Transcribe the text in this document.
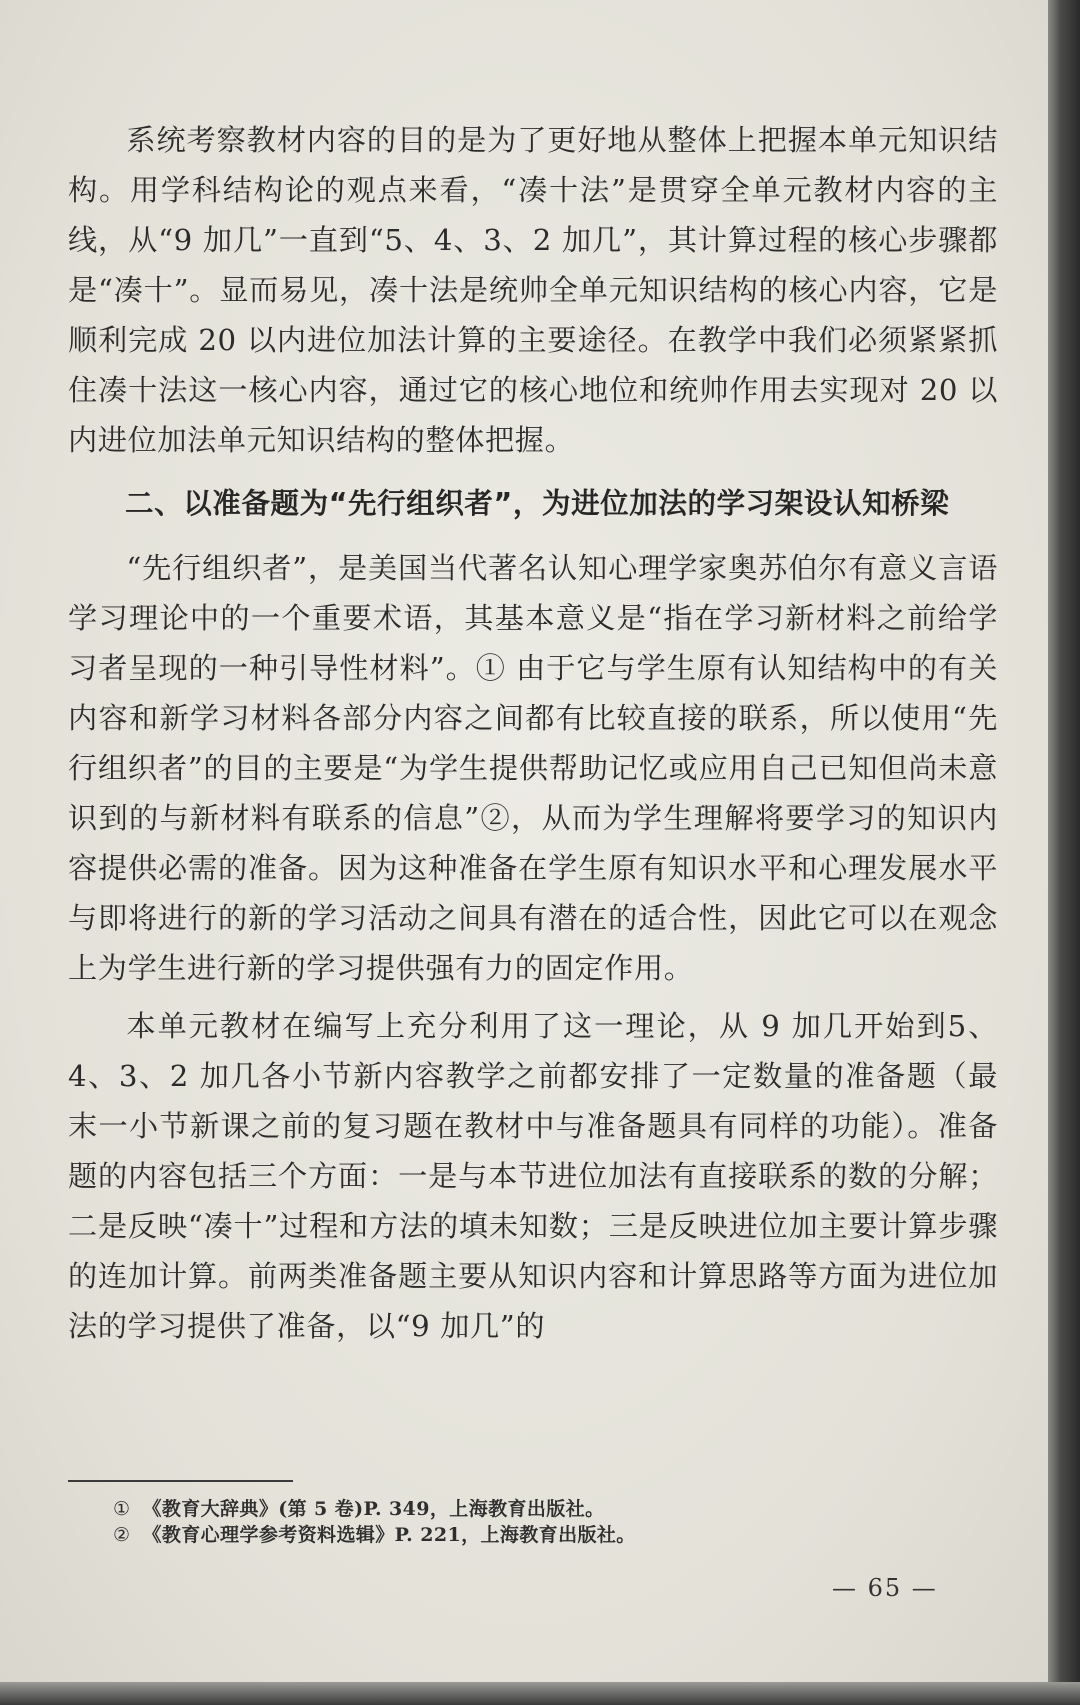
系统考察教材内容的目的是为了更好地从整体上把握本单元知识结构。用学科结构论的观点来看，“凑十法”是贯穿全单元教材内容的主线，从“9 加几”一直到“5、4、3、2 加几”，其计算过程的核心步骤都是“凑十”。显而易见，凑十法是统帅全单元知识结构的核心内容，它是顺利完成 20 以内进位加法计算的主要途径。在教学中我们必须紧紧抓住凑十法这一核心内容，通过它的核心地位和统帅作用去实现对 20 以内进位加法单元知识结构的整体把握。

二、以准备题为“先行组织者”，为进位加法的学习架设认知桥梁

“先行组织者”，是美国当代著名认知心理学家奥苏伯尔有意义言语学习理论中的一个重要术语，其基本意义是“指在学习新材料之前给学习者呈现的一种引导性材料”。① 由于它与学生原有认知结构中的有关内容和新学习材料各部分内容之间都有比较直接的联系，所以使用“先行组织者”的目的主要是“为学生提供帮助记忆或应用自己已知但尚未意识到的与新材料有联系的信息”②，从而为学生理解将要学习的知识内容提供必需的准备。因为这种准备在学生原有知识水平和心理发展水平与即将进行的新的学习活动之间具有潜在的适合性，因此它可以在观念上为学生进行新的学习提供强有力的固定作用。

本单元教材在编写上充分利用了这一理论，从 9 加几开始到5、4、3、2 加几各小节新内容教学之前都安排了一定数量的准备题（最末一小节新课之前的复习题在教材中与准备题具有同样的功能）。准备题的内容包括三个方面：一是与本节进位加法有直接联系的数的分解；二是反映“凑十”过程和方法的填未知数；三是反映进位加主要计算步骤的连加计算。前两类准备题主要从知识内容和计算思路等方面为进位加法的学习提供了准备，以“9 加几”的

① 《教育大辞典》(第 5 卷)P. 349，上海教育出版社。
② 《教育心理学参考资料选辑》P. 221，上海教育出版社。
— 65 —
